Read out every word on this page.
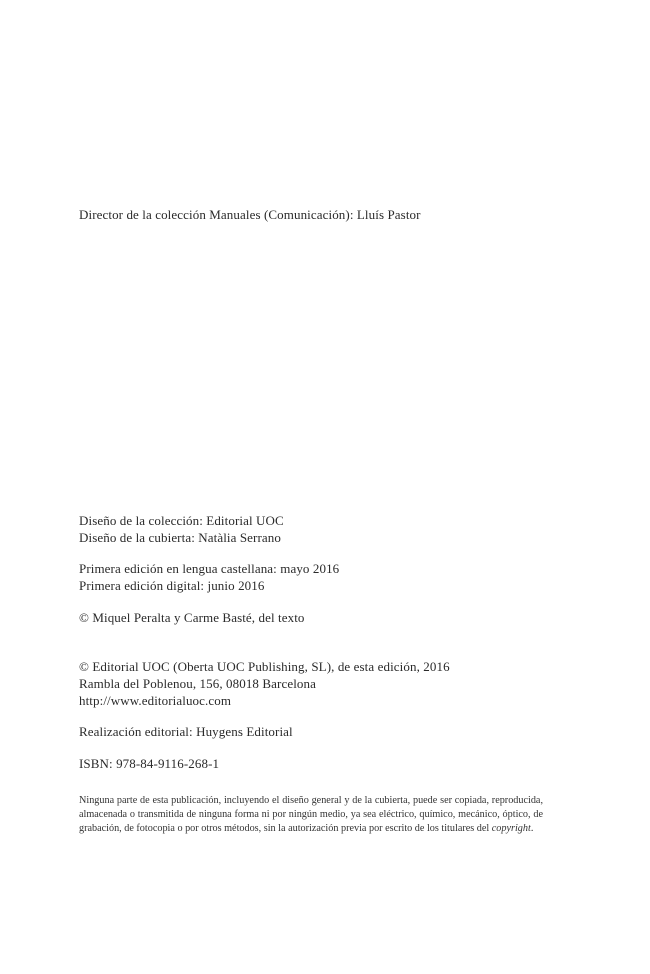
Director de la colección Manuales (Comunicación): Lluís Pastor
Diseño de la colección: Editorial UOC
Diseño de la cubierta: Natàlia Serrano
Primera edición en lengua castellana: mayo 2016
Primera edición digital: junio 2016
© Miquel Peralta y Carme Basté, del texto
© Editorial UOC (Oberta UOC Publishing, SL), de esta edición, 2016
Rambla del Poblenou, 156, 08018 Barcelona
http://www.editorialuoc.com
Realización editorial: Huygens Editorial
ISBN: 978-84-9116-268-1
Ninguna parte de esta publicación, incluyendo el diseño general y de la cubierta, puede ser copiada, reproducida, almacenada o transmitida de ninguna forma ni por ningún medio, ya sea eléctrico, químico, mecánico, óptico, de grabación, de fotocopia o por otros métodos, sin la autorización previa por escrito de los titulares del copyright.
